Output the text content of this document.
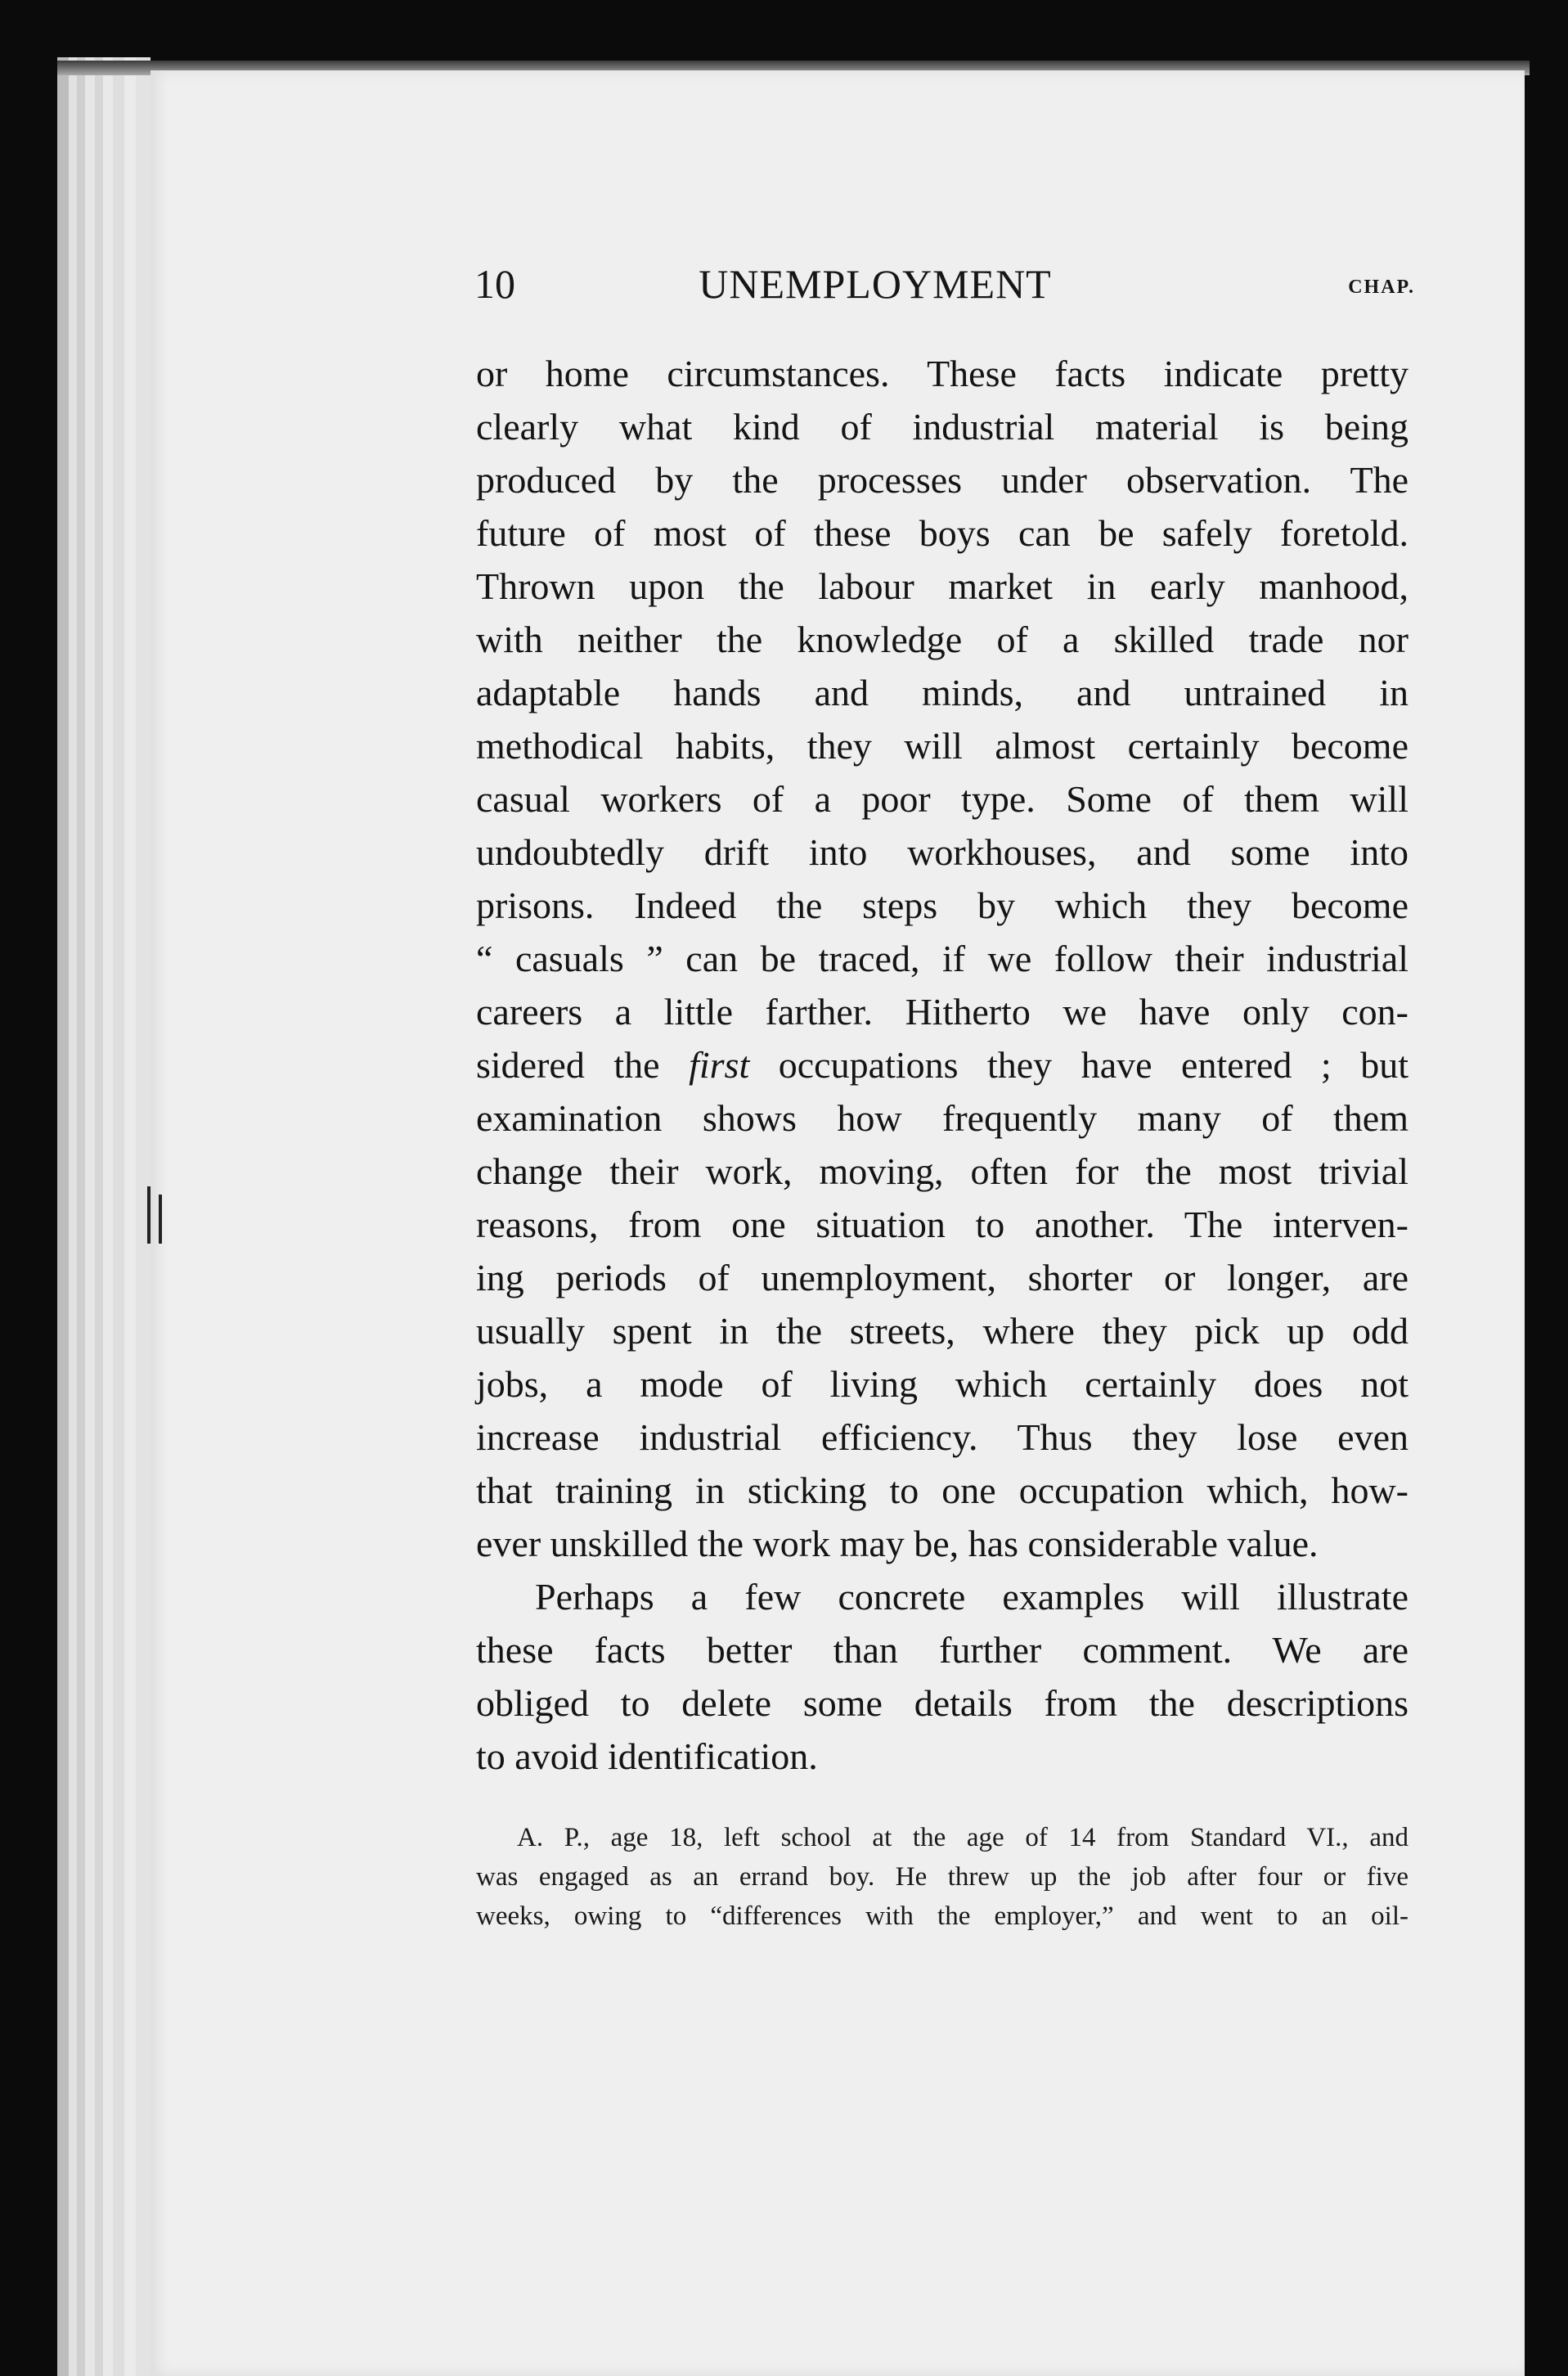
10	UNEMPLOYMENT	CHAP.
or home circumstances. These facts indicate pretty
clearly what kind of industrial material is being
produced by the processes under observation. The
future of most of these boys can be safely foretold.
Thrown upon the labour market in early manhood,
with neither the knowledge of a skilled trade nor
adaptable hands and minds, and untrained in
methodical habits, they will almost certainly become
casual workers of a poor type. Some of them will
undoubtedly drift into workhouses, and some into
prisons. Indeed the steps by which they become
“ casuals ” can be traced, if we follow their industrial
careers a little farther. Hitherto we have only con-
sidered the first occupations they have entered ; but
examination shows how frequently many of them
change their work, moving, often for the most trivial
reasons, from one situation to another. The interven-
ing periods of unemployment, shorter or longer, are
usually spent in the streets, where they pick up odd
jobs, a mode of living which certainly does not
increase industrial efficiency. Thus they lose even
that training in sticking to one occupation which, how-
ever unskilled the work may be, has considerable value.
Perhaps a few concrete examples will illustrate
these facts better than further comment. We are
obliged to delete some details from the descriptions
to avoid identification.
A. P., age 18, left school at the age of 14 from Standard VI., and
was engaged as an errand boy. He threw up the job after four or five
weeks, owing to “differences with the employer,” and went to an oil-
